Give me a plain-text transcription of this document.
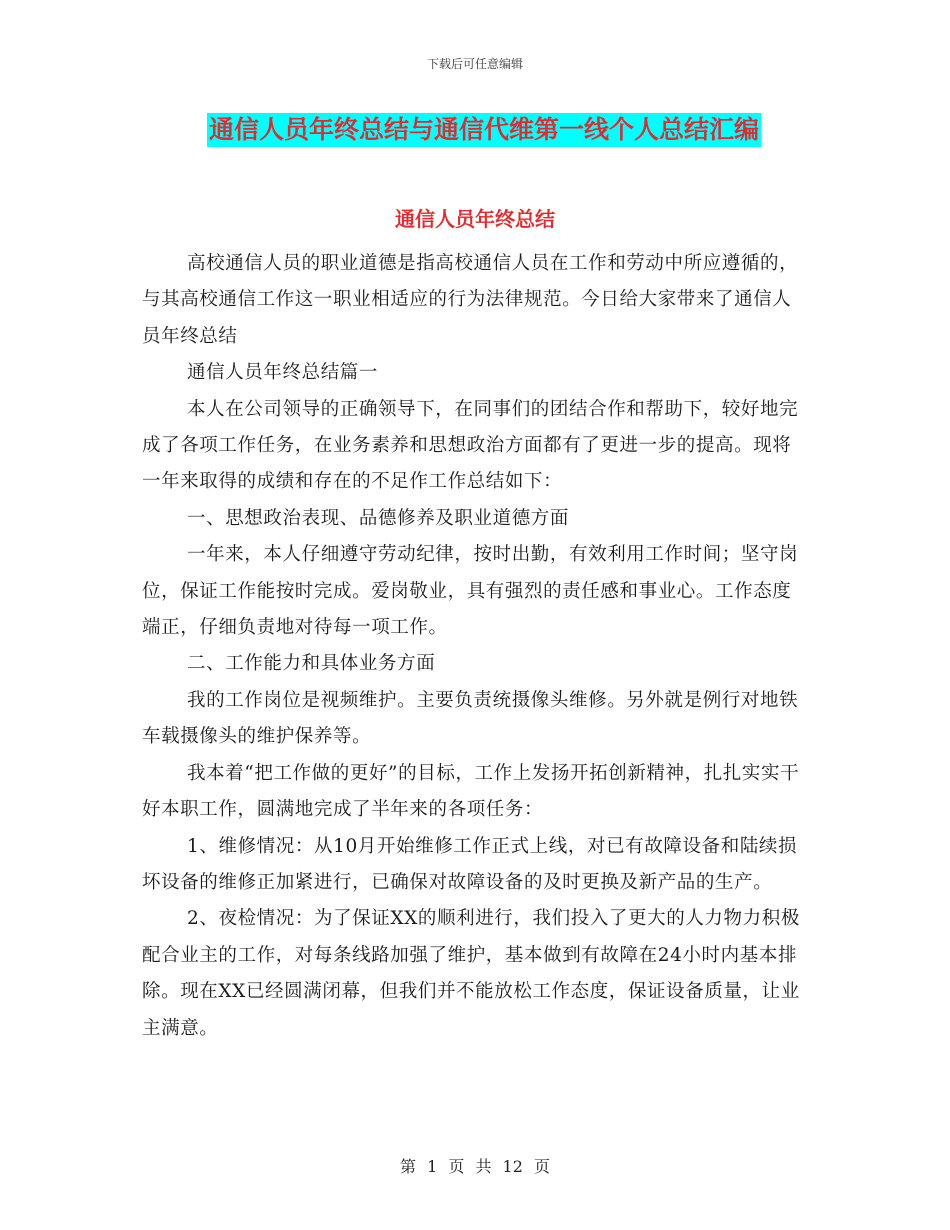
下载后可任意编辑
通信人员年终总结与通信代维第一线个人总结汇编
通信人员年终总结

高校通信人员的职业道德是指高校通信人员在工作和劳动中所应遵循的，与其高校通信工作这一职业相适应的行为法律规范。今日给大家带来了通信人员年终总结

通信人员年终总结篇一

本人在公司领导的正确领导下，在同事们的团结合作和帮助下，较好地完成了各项工作任务，在业务素养和思想政治方面都有了更进一步的提高。现将一年来取得的成绩和存在的不足作工作总结如下：

一、思想政治表现、品德修养及职业道德方面

一年来，本人仔细遵守劳动纪律，按时出勤，有效利用工作时间；坚守岗位，保证工作能按时完成。爱岗敬业，具有强烈的责任感和事业心。工作态度端正，仔细负责地对待每一项工作。

二、工作能力和具体业务方面

我的工作岗位是视频维护。主要负责统摄像头维修。另外就是例行对地铁车载摄像头的维护保养等。

我本着“把工作做的更好”的目标，工作上发扬开拓创新精神，扎扎实实干好本职工作，圆满地完成了半年来的各项任务：

1、维修情况：从10月开始维修工作正式上线，对已有故障设备和陆续损坏设备的维修正加紧进行，已确保对故障设备的及时更换及新产品的生产。

2、夜检情况：为了保证XX的顺利进行，我们投入了更大的人力物力积极配合业主的工作，对每条线路加强了维护，基本做到有故障在24小时内基本排除。现在XX已经圆满闭幕，但我们并不能放松工作态度，保证设备质量，让业主满意。

第 1 页 共 12 页
